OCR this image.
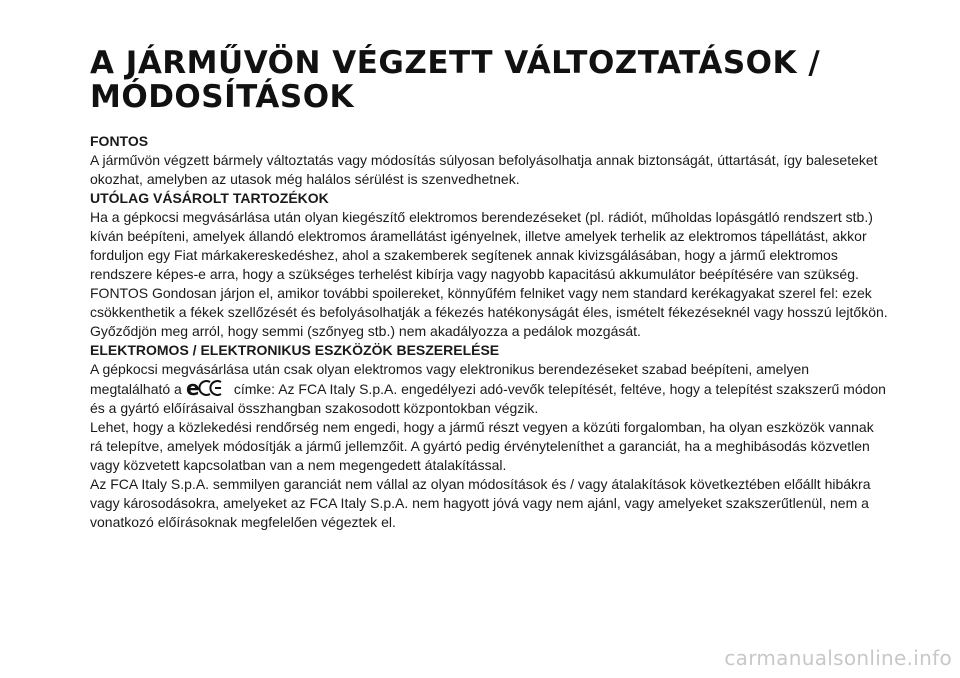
A JÁRMŰVÖN VÉGZETT VÁLTOZTATÁSOK /
MÓDOSÍTÁSOK

FONTOS

A járművön végzett bármely változtatás vagy módosítás súlyosan befolyásolhatja annak biztonságát, úttartását, így baleseteket okozhat, amelyben az utasok még halálos sérülést is szenvedhetnek.

UTÓLAG VÁSÁROLT TARTOZÉKOK

Ha a gépkocsi megvásárlása után olyan kiegészítő elektromos berendezéseket (pl. rádiót, műholdas lopásgátló rendszert stb.) kíván beépíteni, amelyek állandó elektromos áramellátást igényelnek, illetve amelyek terhelik az elektromos tápellátást, akkor forduljon egy Fiat márkakereskedéshez, ahol a szakemberek segítenek annak kivizsgálásában, hogy a jármű elektromos rendszere képes-e arra, hogy a szükséges terhelést kibírja vagy nagyobb kapacitású akkumulátor beépítésére van szükség.

FONTOS Gondosan járjon el, amikor további spoilereket, könnyűfém felniket vagy nem standard kerékagyakat szerel fel: ezek csökkenthetik a fékek szellőzését és befolyásolhatják a fékezés hatékonyságát éles, ismételt fékezéseknél vagy hosszú lejtőkön. Győződjön meg arról, hogy semmi (szőnyeg stb.) nem akadályozza a pedálok mozgását.

ELEKTROMOS / ELEKTRONIKUS ESZKÖZÖK BESZERELÉSE

A gépkocsi megvásárlása után csak olyan elektromos vagy elektronikus berendezéseket szabad beépíteni, amelyen megtalálható a e címke: Az FCA Italy S.p.A. engedélyezi adó-vevők telepítését, feltéve, hogy a telepítést szakszerű módon és a gyártó előírásaival összhangban szakosodott központokban végzik.

Lehet, hogy a közlekedési rendőrség nem engedi, hogy a jármű részt vegyen a közúti forgalomban, ha olyan eszközök vannak rá telepítve, amelyek módosítják a jármű jellemzőit. A gyártó pedig érvényteleníthet a garanciát, ha a meghibásodás közvetlen vagy közvetett kapcsolatban van a nem megengedett átalakítással.

Az FCA Italy S.p.A. semmilyen garanciát nem vállal az olyan módosítások és / vagy átalakítások következtében előállt hibákra vagy károsodásokra, amelyeket az FCA Italy S.p.A. nem hagyott jóvá vagy nem ajánl, vagy amelyeket szakszerűtlenül, nem a vonatkozó előírásoknak megfelelően végeztek el.

carmanualsonline.info
